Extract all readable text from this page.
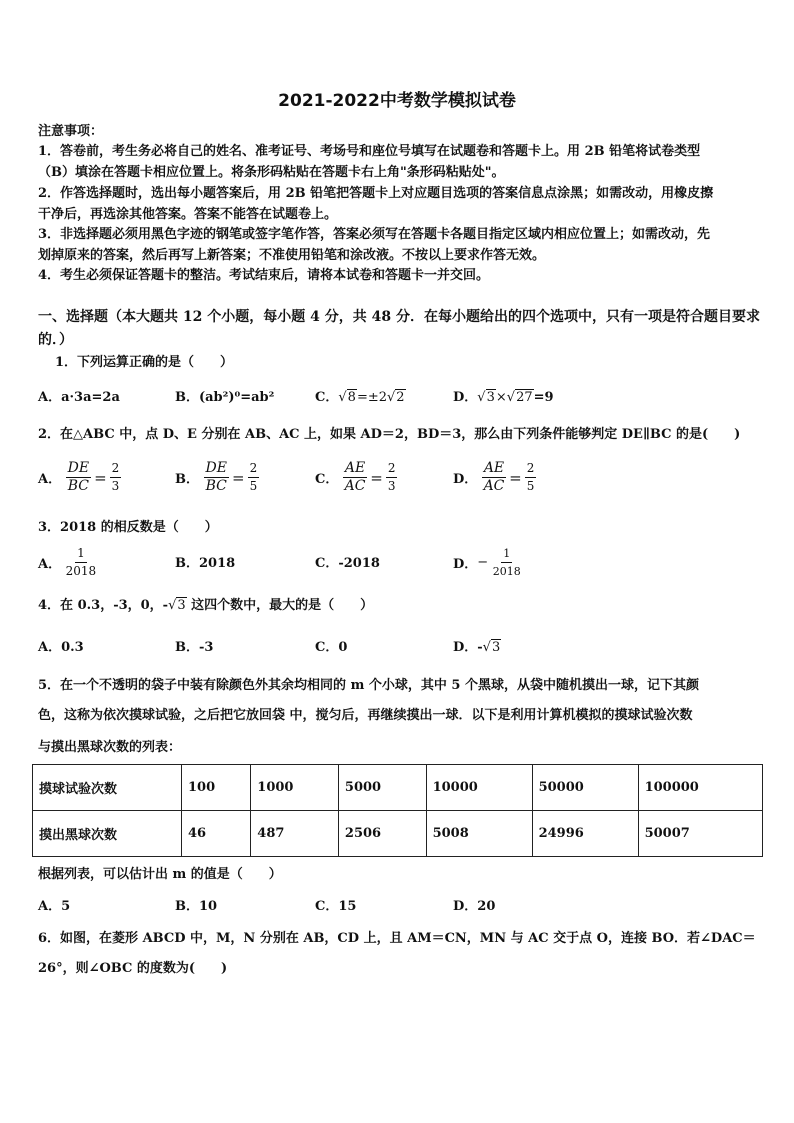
2021-2022中考数学模拟试卷
注意事项：
1．答卷前，考生务必将自己的姓名、准考证号、考场号和座位号填写在试题卷和答题卡上。用 2B 铅笔将试卷类型
（B）填涂在答题卡相应位置上。将条形码粘贴在答题卡右上角"条形码粘贴处"。
2．作答选择题时，选出每小题答案后，用 2B 铅笔把答题卡上对应题目选项的答案信息点涂黑；如需改动，用橡皮擦
干净后，再选涂其他答案。答案不能答在试题卷上。
3．非选择题必须用黑色字迹的钢笔或签字笔作答，答案必须写在答题卡各题目指定区域内相应位置上；如需改动，先
划掉原来的答案，然后再写上新答案；不准使用铅笔和涂改液。不按以上要求作答无效。
4．考生必须保证答题卡的整洁。考试结束后，请将本试卷和答题卡一并交回。
一、选择题（本大题共 12 个小题，每小题 4 分，共 48 分．在每小题给出的四个选项中，只有一项是符合题目要求
的．）
1．下列运算正确的是（　　）
A．a·3a=2a	B．(ab²)⁰=ab²	C．√8=±2√2	D．√3×√27=9
2．在△ABC 中，点 D、E 分别在 AB、AC 上，如果 AD＝2，BD＝3，那么由下列条件能够判定 DE∥BC 的是(　　)
A． $\frac{DE}{BC} = \frac{2}{3}$	B． $\frac{DE}{BC} = \frac{2}{5}$	C． $\frac{AE}{AC} = \frac{2}{3}$	D． $\frac{AE}{AC} = \frac{2}{5}$
3．2018 的相反数是（　　）
A． $\frac{1}{2018}$	B．2018	C．-2018	D．− $\frac{1}{2018}$
4．在 0.3，-3，0，-√3 这四个数中，最大的是（　　）
A．0.3	B．-3	C．0	D．-√3
5．在一个不透明的袋子中装有除颜色外其余均相同的 m 个小球，其中 5 个黑球，从袋中随机摸出一球，记下其颜
色，这称为依次摸球试验，之后把它放回袋 中，搅匀后，再继续摸出一球．以下是利用计算机模拟的摸球试验次数
与摸出黑球次数的列表：
摸球试验次数	100	1000	5000	10000	50000	100000
摸出黑球次数	46	487	2506	5008	24996	50007
根据列表，可以估计出 m 的值是（　　）
A．5	B．10	C．15	D．20
6．如图，在菱形 ABCD 中，M，N 分别在 AB，CD 上，且 AM＝CN，MN 与 AC 交于点 O，连接 BO．若∠DAC＝
26°，则∠OBC 的度数为(　　)
